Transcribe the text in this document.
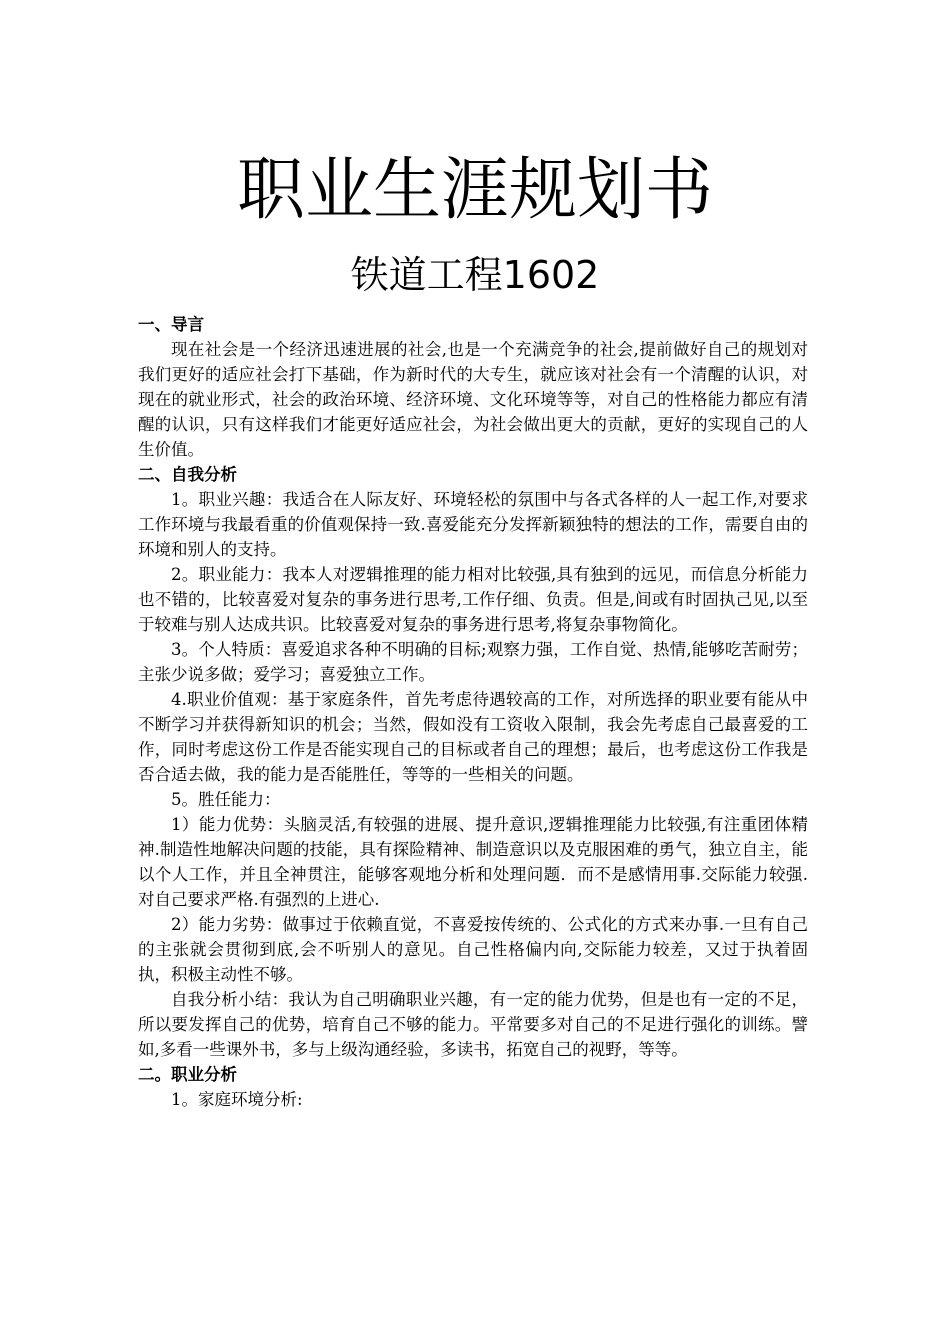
职业生涯规划书
铁道工程1602

一、导言

现在社会是一个经济迅速进展的社会,也是一个充满竞争的社会,提前做好自己的规划对我们更好的适应社会打下基础，作为新时代的大专生，就应该对社会有一个清醒的认识，对现在的就业形式，社会的政治环境、经济环境、文化环境等等，对自己的性格能力都应有清醒的认识，只有这样我们才能更好适应社会，为社会做出更大的贡献，更好的实现自己的人生价值。

二、自我分析

1。职业兴趣：我适合在人际友好、环境轻松的氛围中与各式各样的人一起工作,对要求工作环境与我最看重的价值观保持一致.喜爱能充分发挥新颖独特的想法的工作，需要自由的环境和别人的支持。

2。职业能力：我本人对逻辑推理的能力相对比较强,具有独到的远见，而信息分析能力也不错的，比较喜爱对复杂的事务进行思考,工作仔细、负责。但是,间或有时固执己见,以至于较难与别人达成共识。比较喜爱对复杂的事务进行思考,将复杂事物简化。

3。个人特质：喜爱追求各种不明确的目标;观察力强，工作自觉、热情,能够吃苦耐劳；主张少说多做；爱学习；喜爱独立工作。

4.职业价值观：基于家庭条件，首先考虑待遇较高的工作，对所选择的职业要有能从中不断学习并获得新知识的机会；当然，假如没有工资收入限制，我会先考虑自己最喜爱的工作，同时考虑这份工作是否能实现自己的目标或者自己的理想；最后，也考虑这份工作我是否合适去做，我的能力是否能胜任，等等的一些相关的问题。

5。胜任能力：

1）能力优势：头脑灵活,有较强的进展、提升意识,逻辑推理能力比较强,有注重团体精神.制造性地解决问题的技能，具有探险精神、制造意识以及克服困难的勇气，独立自主，能以个人工作，并且全神贯注，能够客观地分析和处理问题．而不是感情用事.交际能力较强.对自己要求严格.有强烈的上进心.

2）能力劣势：做事过于依赖直觉，不喜爱按传统的、公式化的方式来办事.一旦有自己的主张就会贯彻到底,会不听别人的意见。自己性格偏内向,交际能力较差，又过于执着固执，积极主动性不够。

自我分析小结：我认为自己明确职业兴趣，有一定的能力优势，但是也有一定的不足，所以要发挥自己的优势，培育自己不够的能力。平常要多对自己的不足进行强化的训练。譬如,多看一些课外书，多与上级沟通经验，多读书，拓宽自己的视野，等等。

二。职业分析

1。家庭环境分析:
